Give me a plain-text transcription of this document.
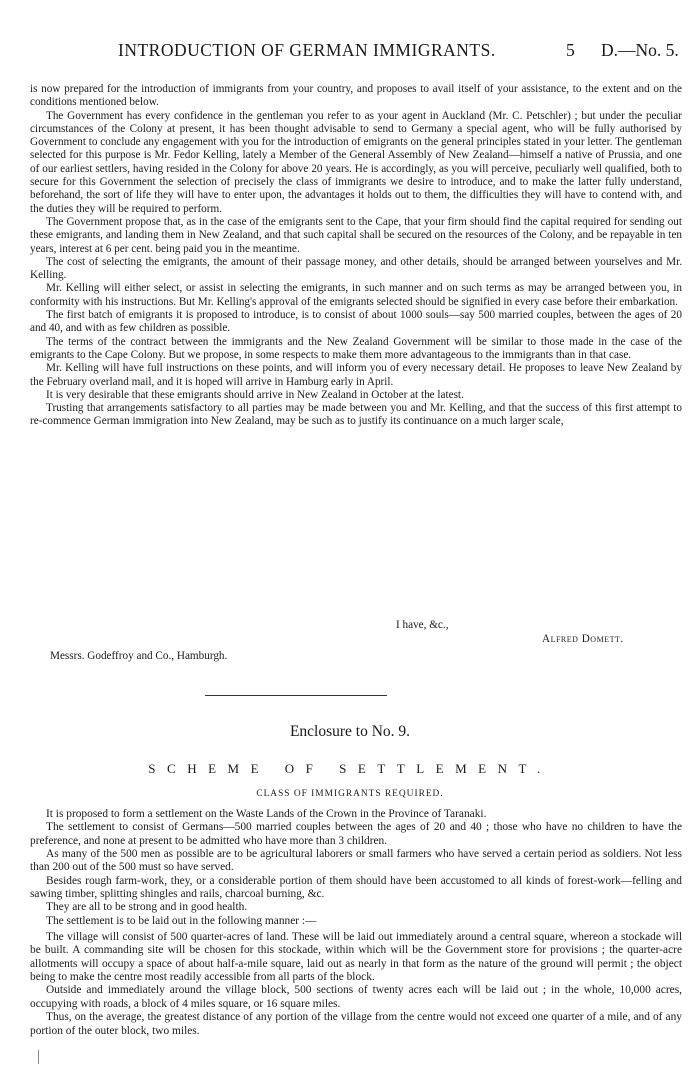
INTRODUCTION OF GERMAN IMMIGRANTS.	5 D.—No. 5.

is now prepared for the introduction of immigrants from your country, and proposes to avail itself of your assistance, to the extent and on the conditions mentioned below.

The Government has every confidence in the gentleman you refer to as your agent in Auckland (Mr. C. Petschler) ; but under the peculiar circumstances of the Colony at present, it has been thought advisable to send to Germany a special agent, who will be fully authorised by Government to conclude any engagement with you for the introduction of emigrants on the general principles stated in your letter. The gentleman selected for this purpose is Mr. Fedor Kelling, lately a Member of the General Assembly of New Zealand—himself a native of Prussia, and one of our earliest settlers, having resided in the Colony for above 20 years. He is accordingly, as you will perceive, peculiarly well qualified, both to secure for this Government the selection of precisely the class of immigrants we desire to introduce, and to make the latter fully understand, beforehand, the sort of life they will have to enter upon, the advantages it holds out to them, the difficulties they will have to contend with, and the duties they will be required to perform.

The Government propose that, as in the case of the emigrants sent to the Cape, that your firm should find the capital required for sending out these emigrants, and landing them in New Zealand, and that such capital shall be secured on the resources of the Colony, and be repayable in ten years, interest at 6 per cent. being paid you in the meantime.

The cost of selecting the emigrants, the amount of their passage money, and other details, should be arranged between yourselves and Mr. Kelling.

Mr. Kelling will either select, or assist in selecting the emigrants, in such manner and on such terms as may be arranged between you, in conformity with his instructions. But Mr. Kelling's approval of the emigrants selected should be signified in every case before their embarkation.

The first batch of emigrants it is proposed to introduce, is to consist of about 1000 souls—say 500 married couples, between the ages of 20 and 40, and with as few children as possible.

The terms of the contract between the immigrants and the New Zealand Government will be similar to those made in the case of the emigrants to the Cape Colony. But we propose, in some respects to make them more advantageous to the immigrants than in that case.

Mr. Kelling will have full instructions on these points, and will inform you of every necessary detail. He proposes to leave New Zealand by the February overland mail, and it is hoped will arrive in Hamburg early in April.

It is very desirable that these emigrants should arrive in New Zealand in October at the latest.

Trusting that arrangements satisfactory to all parties may be made between you and Mr. Kelling, and that the success of this first attempt to re-commence German immigration into New Zealand, may be such as to justify its continuance on a much larger scale,

I have, &c.,
Alfred Domett.
Messrs. Godeffroy and Co., Hamburgh.
Enclosure to No. 9.
SCHEME OF SETTLEMENT.
CLASS OF IMMIGRANTS REQUIRED.

It is proposed to form a settlement on the Waste Lands of the Crown in the Province of Taranaki.

The settlement to consist of Germans—500 married couples between the ages of 20 and 40 ; those who have no children to have the preference, and none at present to be admitted who have more than 3 children.

As many of the 500 men as possible are to be agricultural laborers or small farmers who have served a certain period as soldiers. Not less than 200 out of the 500 must so have served.

Besides rough farm-work, they, or a considerable portion of them should have been accustomed to all kinds of forest-work—felling and sawing timber, splitting shingles and rails, charcoal burning, &c.

They are all to be strong and in good health.

The settlement is to be laid out in the following manner :—

The village will consist of 500 quarter-acres of land. These will be laid out immediately around a central square, whereon a stockade will be built. A commanding site will be chosen for this stockade, within which will be the Government store for provisions ; the quarter-acre allotments will occupy a space of about half-a-mile square, laid out as nearly in that form as the nature of the ground will permit ; the object being to make the centre most readily accessible from all parts of the block.

Outside and immediately around the village block, 500 sections of twenty acres each will be laid out ; in the whole, 10,000 acres, occupying with roads, a block of 4 miles square, or 16 square miles.

Thus, on the average, the greatest distance of any portion of the village from the centre would not exceed one quarter of a mile, and of any portion of the outer block, two miles.
